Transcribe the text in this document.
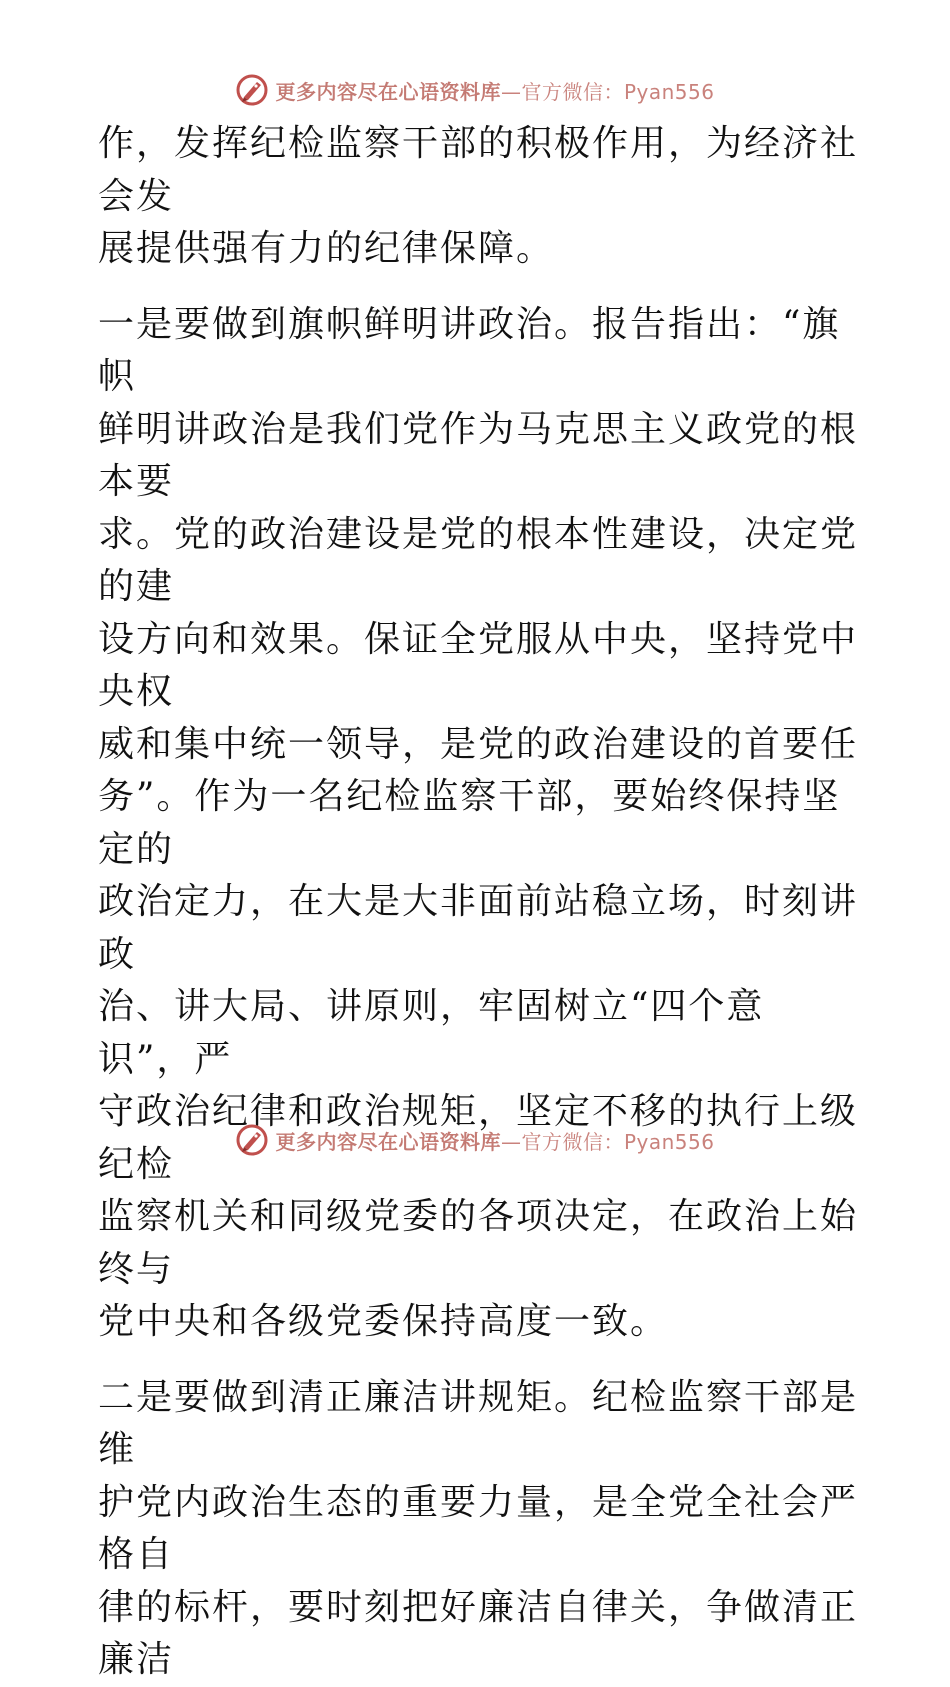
更多内容尽在心语资料库—官方微信：Pyan556

作，发挥纪检监察干部的积极作用，为经济社会发
展提供强有力的纪律保障。

一是要做到旗帜鲜明讲政治。报告指出：“旗帜
鲜明讲政治是我们党作为马克思主义政党的根本要
求。党的政治建设是党的根本性建设，决定党的建
设方向和效果。保证全党服从中央，坚持党中央权
威和集中统一领导，是党的政治建设的首要任
务”。作为一名纪检监察干部，要始终保持坚定的
政治定力，在大是大非面前站稳立场，时刻讲政
治、讲大局、讲原则，牢固树立“四个意识”，严
守政治纪律和政治规矩，坚定不移的执行上级纪检
监察机关和同级党委的各项决定，在政治上始终与
党中央和各级党委保持高度一致。

二是要做到清正廉洁讲规矩。纪检监察干部是维
护党内政治生态的重要力量，是全党全社会严格自
律的标杆，要时刻把好廉洁自律关，争做清正廉洁

更多内容尽在心语资料库—官方微信：Pyan556
